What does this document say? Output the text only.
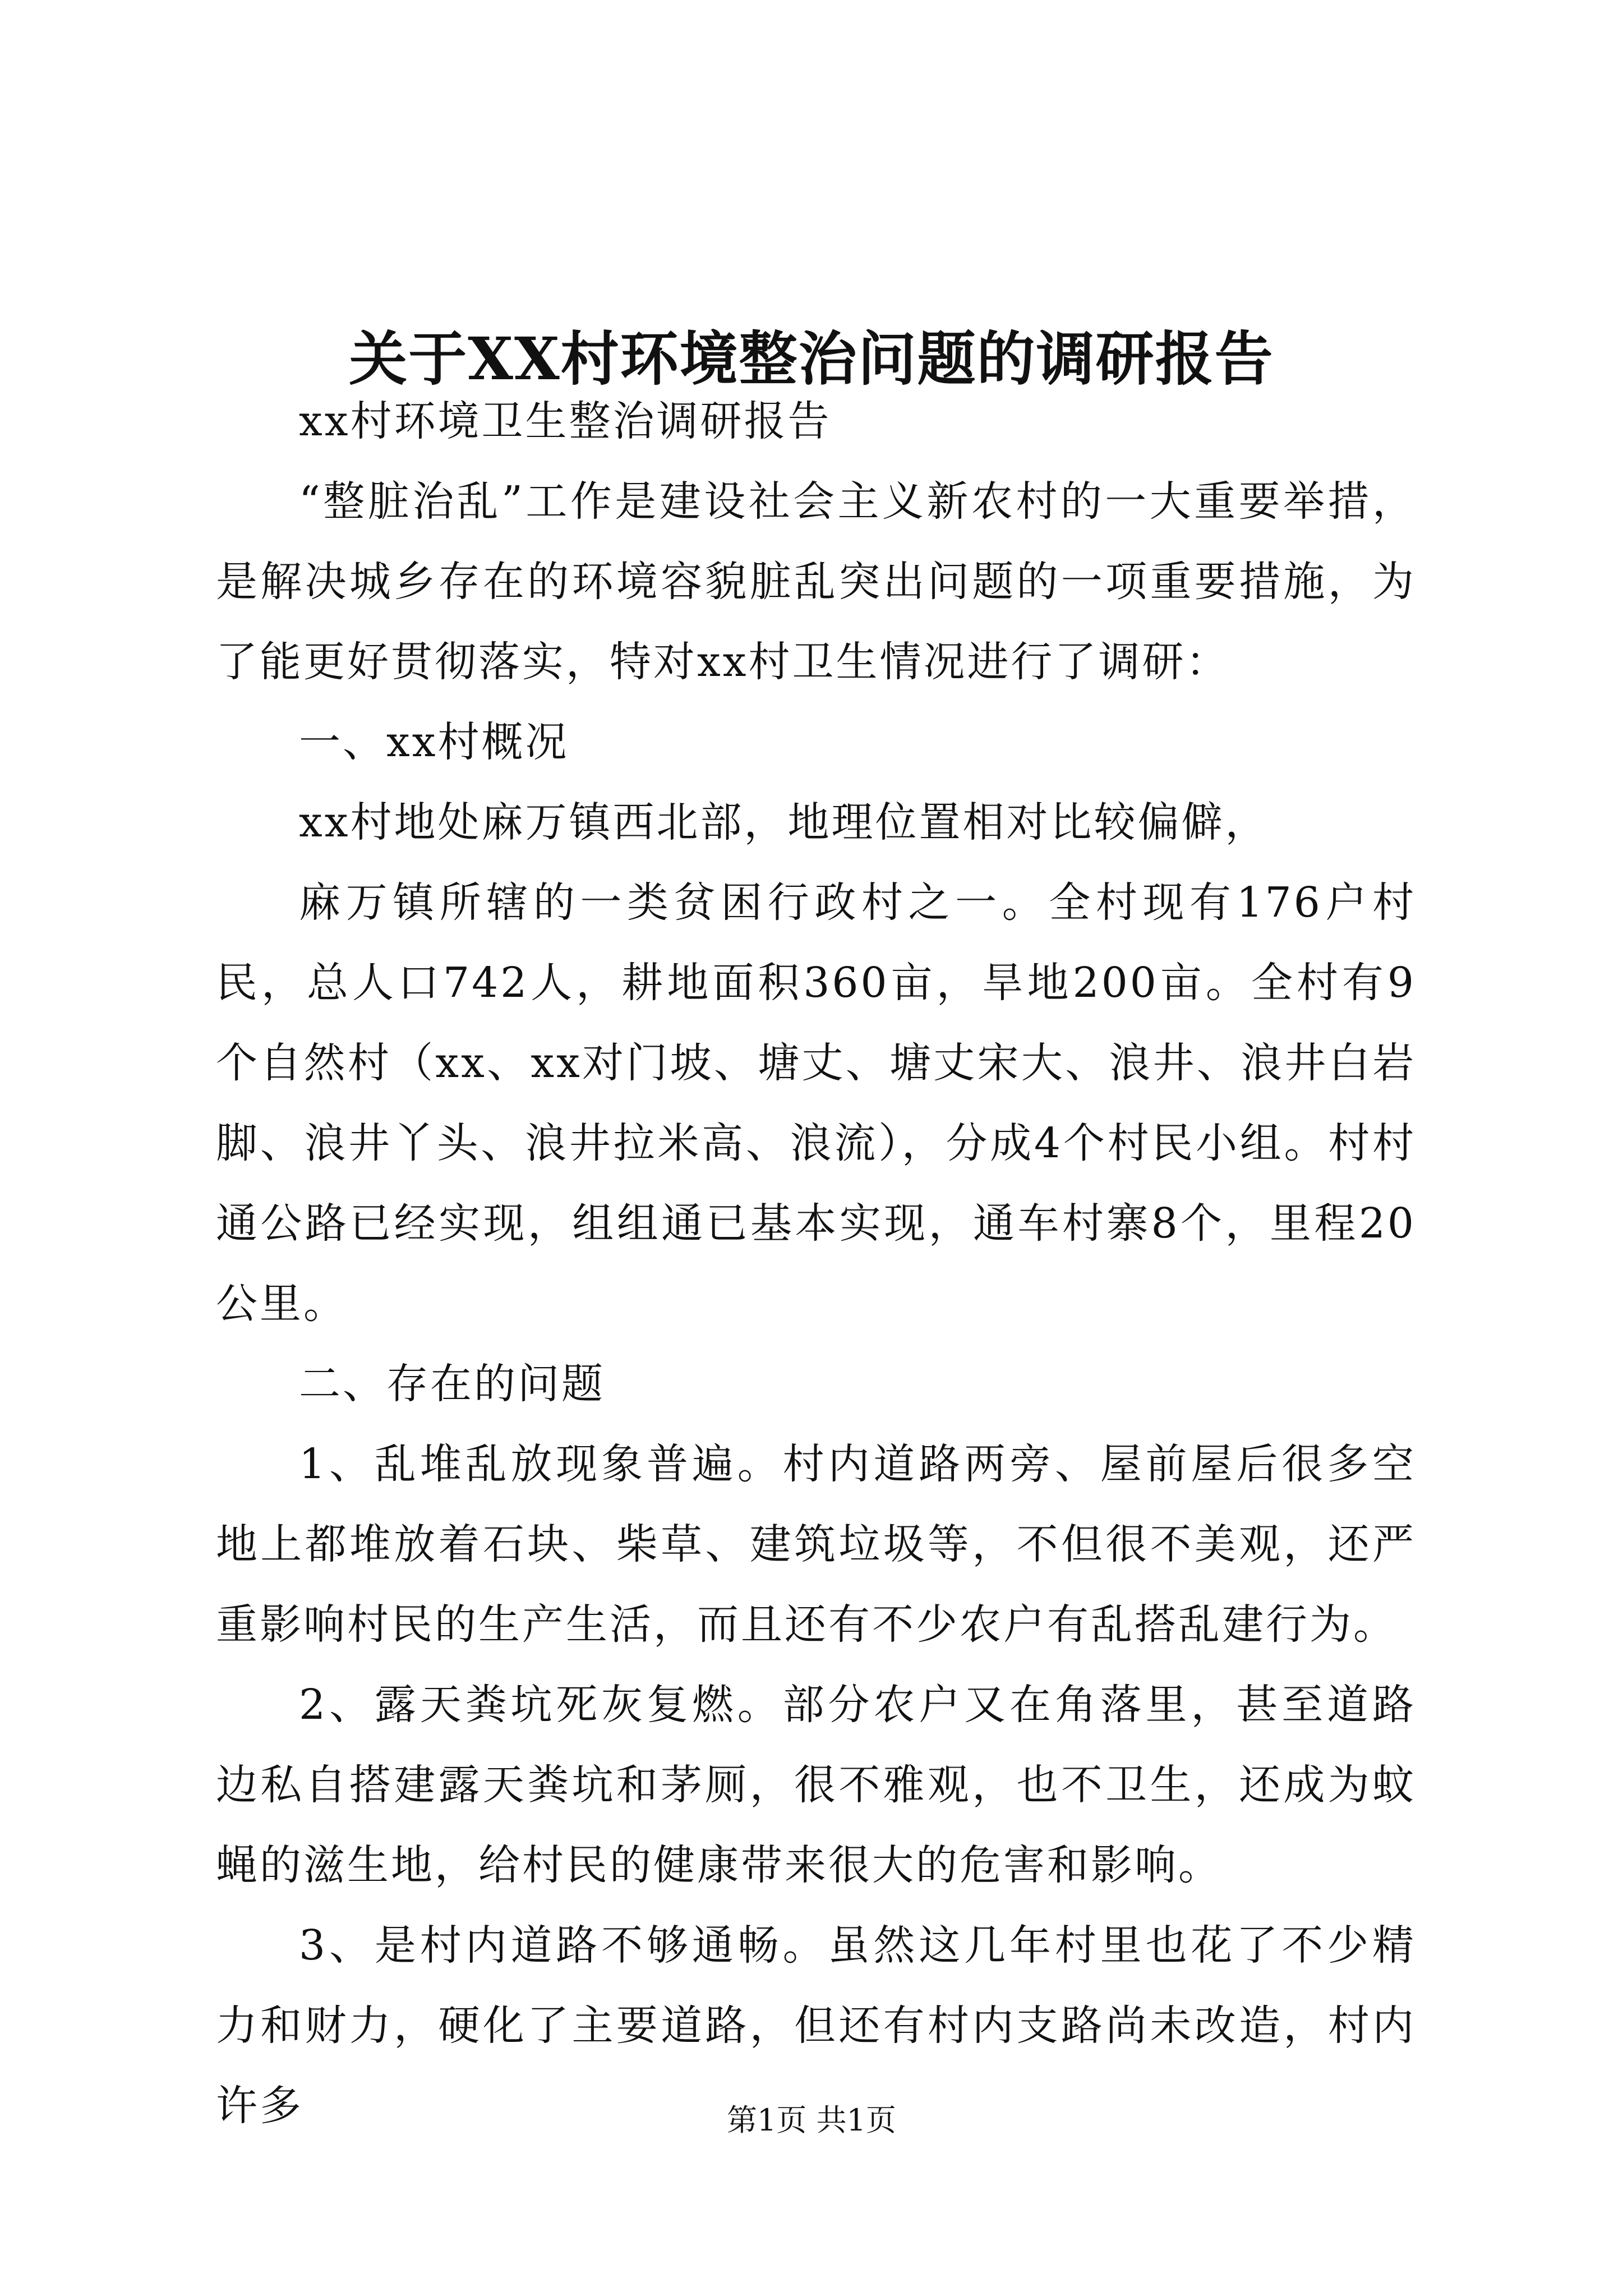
关于XX村环境整治问题的调研报告

xx村环境卫生整治调研报告

“整脏治乱”工作是建设社会主义新农村的一大重要举措，是解决城乡存在的环境容貌脏乱突出问题的一项重要措施，为了能更好贯彻落实，特对xx村卫生情况进行了调研：

一、xx村概况

xx村地处麻万镇西北部，地理位置相对比较偏僻，

麻万镇所辖的一类贫困行政村之一。全村现有176户村民，总人口742人，耕地面积360亩，旱地200亩。全村有9个自然村（xx、xx对门坡、塘丈、塘丈宋大、浪井、浪井白岩脚、浪井丫头、浪井拉米高、浪流），分成4个村民小组。村村通公路已经实现，组组通已基本实现，通车村寨8个，里程20公里。

二、存在的问题

1、乱堆乱放现象普遍。村内道路两旁、屋前屋后很多空地上都堆放着石块、柴草、建筑垃圾等，不但很不美观，还严重影响村民的生产生活，而且还有不少农户有乱搭乱建行为。

2、露天粪坑死灰复燃。部分农户又在角落里，甚至道路边私自搭建露天粪坑和茅厕，很不雅观，也不卫生，还成为蚊蝇的滋生地，给村民的健康带来很大的危害和影响。

3、是村内道路不够通畅。虽然这几年村里也花了不少精力和财力，硬化了主要道路，但还有村内支路尚未改造，村内许多	第1页 共1页
